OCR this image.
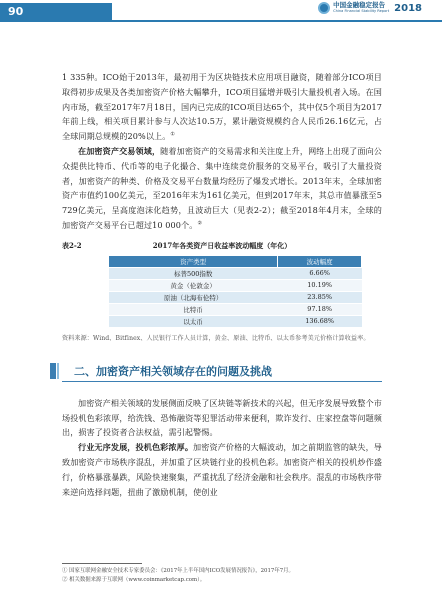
90	中国金融稳定报告
China Financial Stability Report 2018

1 335种。ICO始于2013年，最初用于为区块链技术应用项目融资，随着部分ICO项目取得初步成果及各类加密资产价格大幅攀升，ICO项目猛增并吸引大量投机者入场。在国内市场，截至2017年7月18日，国内已完成的ICO项目达65个，其中仅5个项目为2017年前上线，相关项目累计参与人次达10.5万，累计融资规模约合人民币26.16亿元，占全球同期总规模的20%以上。①

在加密资产交易领域，随着加密资产的交易需求和关注度上升，网络上出现了面向公众提供比特币、代币等的电子化撮合、集中连续竞价服务的交易平台，吸引了大量投资者，加密资产的种类、价格及交易平台数量均经历了爆发式增长。2013年末，全球加密资产市值约100亿美元，至2016年末为161亿美元，但到2017年末，其总市值暴涨至5 729亿美元，呈高度泡沫化趋势，且波动巨大（见表2-2）；截至2018年4月末，全球的加密资产交易平台已超过10 000个。②

表2-2	2017年各类资产日收益率波动幅度（年化）
资产类型	波动幅度
标普500指数	6.66%
黄金（伦敦金）	10.19%
原油（北海布伦特）	23.85%
比特币	97.18%
以太币	136.68%

资料来源：Wind、Bitfinex、人民银行工作人员计算，黄金、原油、比特币、以太币参考美元价格计算收益率。

二、加密资产相关领域存在的问题及挑战

加密资产相关领域的发展侧面反映了区块链等新技术的兴起，但无序发展导致整个市场投机色彩浓厚，给洗钱、恐怖融资等犯罪活动带来便利，欺诈发行、庄家控盘等问题频出，损害了投资者合法权益，需引起警惕。

行业无序发展，投机色彩浓厚。加密资产价格的大幅波动，加之前期监管的缺失，导致加密资产市场秩序混乱，并加重了区块链行业的投机色彩。加密资产相关的投机炒作盛行，价格暴涨暴跌，风险快速聚集，严重扰乱了经济金融和社会秩序。混乱的市场秩序带来逆向选择问题，扭曲了激励机制，使创业

① 国家互联网金融安全技术专家委员会：《2017年上半年国内ICO发展情况报告》，2017年7月。
② 相关数据来源于互联网（www.coinmarketcap.com）。
